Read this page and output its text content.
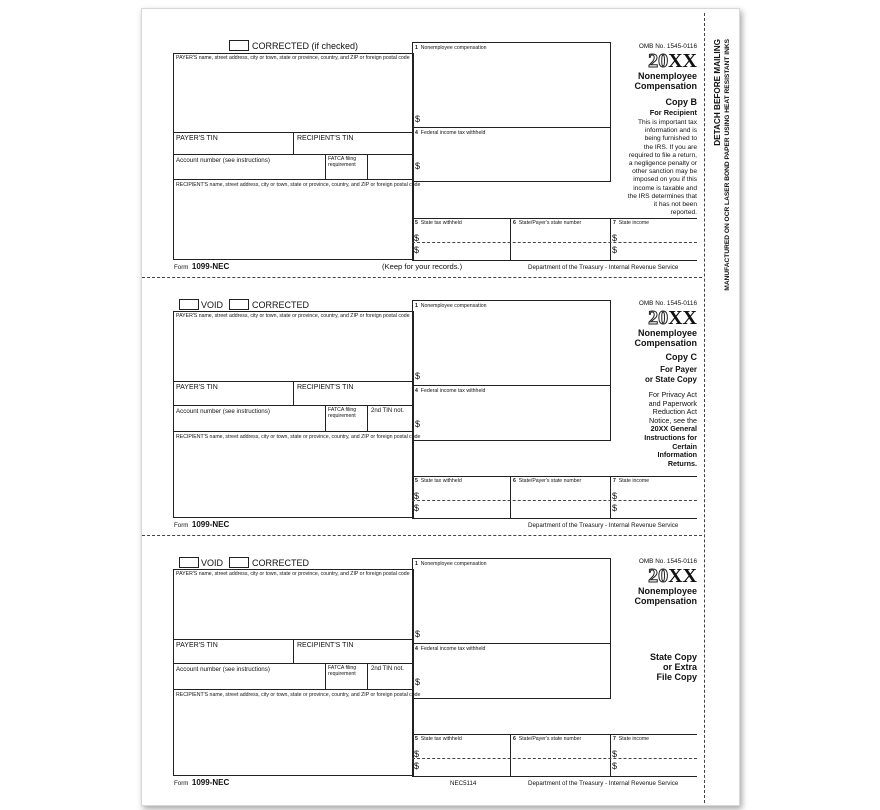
CORRECTED (if checked)
PAYER'S name, street address, city or town, state or province, country, and ZIP or foreign postal code
PAYER'S TIN	RECIPIENT'S TIN
Account number (see instructions)	FATCA filing
requirement
RECIPIENT'S name, street address, city or town, state or province, country, and ZIP or foreign postal code
1 Nonemployee compensation
$
4 Federal income tax withheld
$
5 State tax withheld	6 State/Payer's state number	7 State income
$
$
$
$
OMB No. 1545-0116
20XX
Nonemployee
Compensation
Copy B
For Recipient
This is important tax
information and is
being furnished to
the IRS. If you are
required to file a return,
a negligence penalty or
other sanction may be
imposed on you if this
income is taxable and
the IRS determines that
it has not been
reported.
Form 1099-NEC	(Keep for your records.)	Department of the Treasury - Internal Revenue Service
VOID	CORRECTED
PAYER'S name, street address, city or town, state or province, country, and ZIP or foreign postal code
PAYER'S TIN	RECIPIENT'S TIN
Account number (see instructions)	FATCA filing
requirement
2nd TIN not.
RECIPIENT'S name, street address, city or town, state or province, country, and ZIP or foreign postal code
1 Nonemployee compensation
$
4 Federal income tax withheld
$
5 State tax withheld	6 State/Payer's state number	7 State income
$
$
$
$
OMB No. 1545-0116
20XX
Nonemployee
Compensation
Copy C
For Payer
or State Copy
For Privacy Act
and Paperwork
Reduction Act
Notice, see the
20XX General
Instructions for
Certain
Information
Returns.
Form 1099-NEC	Department of the Treasury - Internal Revenue Service
VOID	CORRECTED
PAYER'S name, street address, city or town, state or province, country, and ZIP or foreign postal code
PAYER'S TIN	RECIPIENT'S TIN
Account number (see instructions)	FATCA filing
requirement
2nd TIN not.
RECIPIENT'S name, street address, city or town, state or province, country, and ZIP or foreign postal code
1 Nonemployee compensation
$
4 Federal income tax withheld
$
5 State tax withheld	6 State/Payer's state number	7 State income
$
$
$
$
OMB No. 1545-0116
20XX
Nonemployee
Compensation
State Copy
or Extra
File Copy
Form 1099-NEC	NEC5114	Department of the Treasury - Internal Revenue Service
DETACH BEFORE MAILING MANUFACTURED ON OCR LASER BOND PAPER USING HEAT RESISTANT INKS
